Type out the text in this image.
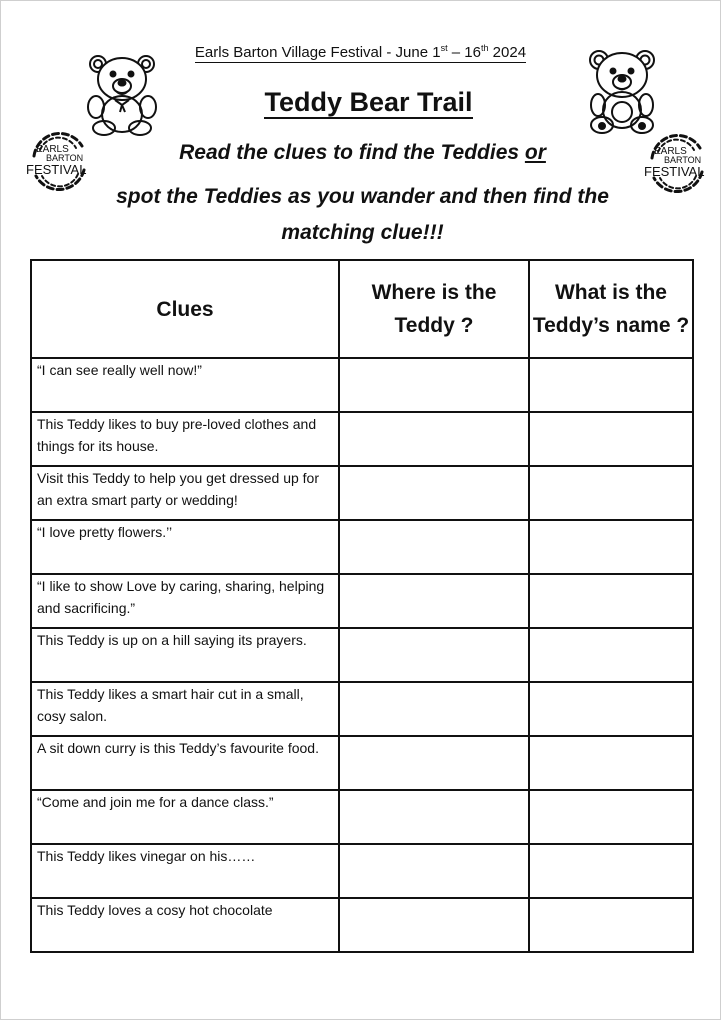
Earls Barton Village Festival - June 1st – 16th 2024
Teddy Bear Trail
EARLS
BARTON
FESTIVAL
EARLS
BARTON
FESTIVAL
Read the clues to find the Teddies or
spot the Teddies as you wander and then find the
matching clue!!!
Clues	Where is the Teddy ?	What is the Teddy’s name ?
“I can see really well now!”		
This Teddy likes to buy pre-loved clothes and things for its house.		
Visit this Teddy to help you get dressed up for an extra smart party or wedding!		
“I love pretty flowers.’’		
“I like to show Love by caring, sharing, helping and sacrificing.”		
This Teddy is up on a hill saying its prayers.		
This Teddy likes a smart hair cut in a small, cosy salon.		
A sit down curry is this Teddy’s favourite food.		
“Come and join me for a dance class.”		
This Teddy likes vinegar on his……		
This Teddy loves a cosy hot chocolate		
